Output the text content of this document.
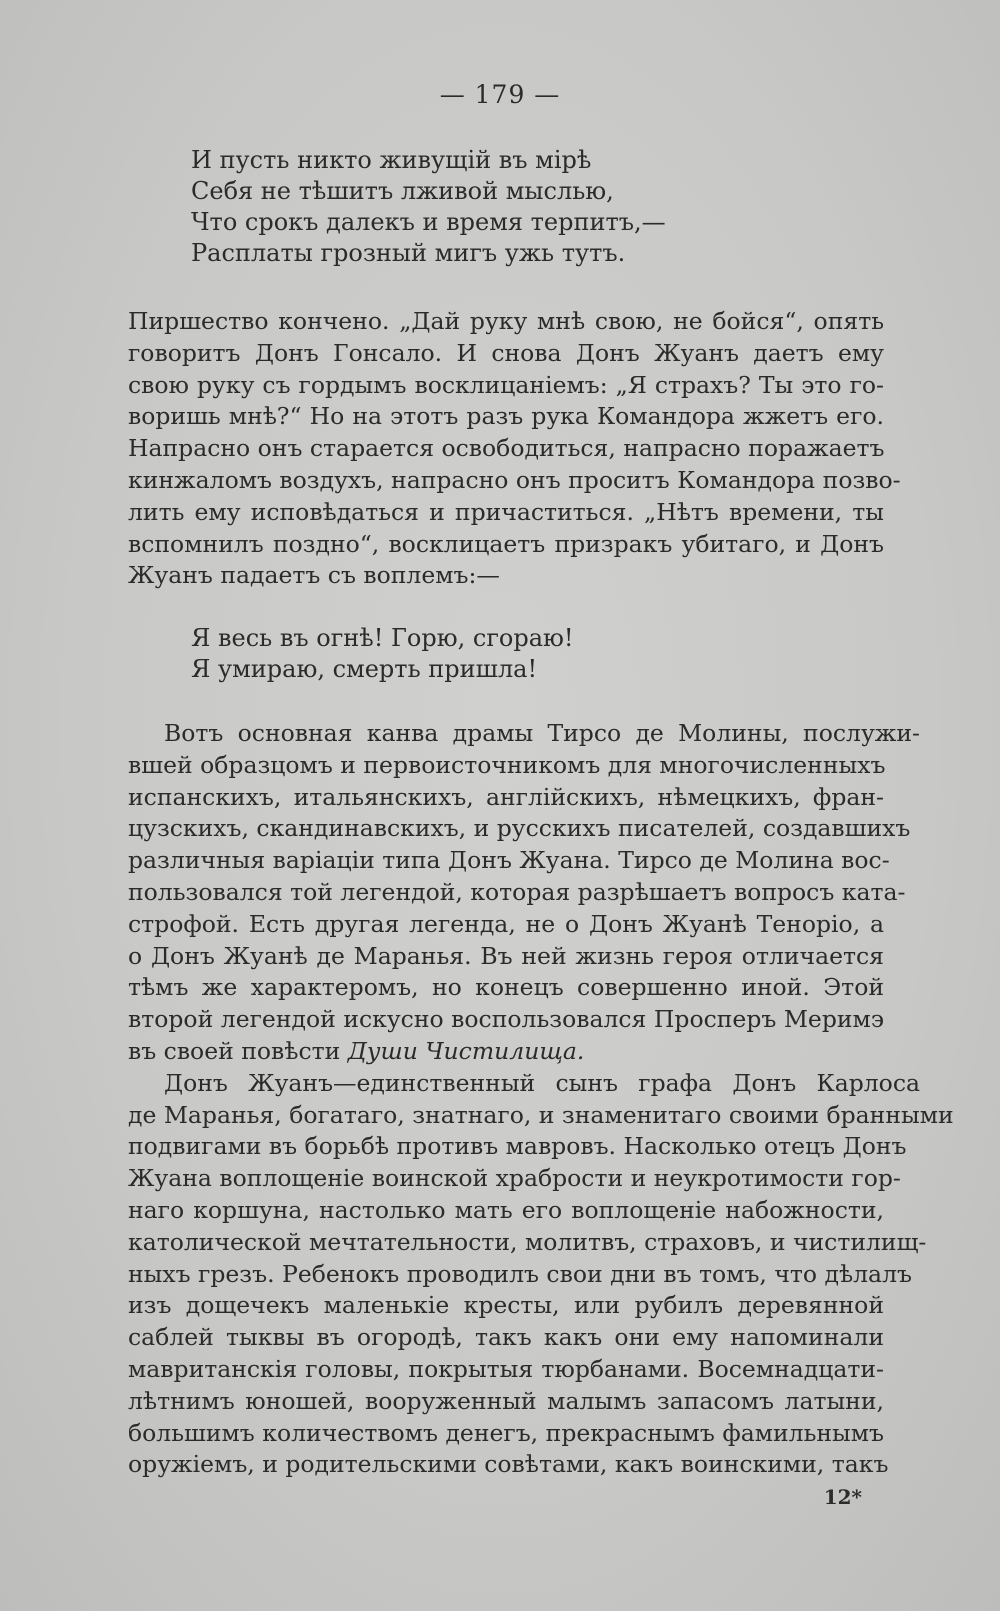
— 179 —
И пусть никто живущій въ мірѣ
Себя не тѣшитъ лживой мыслью,
Что срокъ далекъ и время терпитъ,—
Расплаты грозный мигъ ужь тутъ.
Пиршество кончено. „Дай руку мнѣ свою, не бойся“, опять
говоритъ Донъ Гонсало. И снова Донъ Жуанъ даетъ ему
свою руку съ гордымъ восклицаніемъ: „Я страхъ? Ты это го-
воришь мнѣ?“ Но на этотъ разъ рука Командора жжетъ его.
Напрасно онъ старается освободиться, напрасно поражаетъ
кинжаломъ воздухъ, напрасно онъ проситъ Командора позво-
лить ему исповѣдаться и причаститься. „Нѣтъ времени, ты
вспомнилъ поздно“, восклицаетъ призракъ убитаго, и Донъ
Жуанъ падаетъ съ воплемъ:—
Я весь въ огнѣ! Горю, сгораю!
Я умираю, смерть пришла!
Вотъ основная канва драмы Тирсо де Молины, послужи-
вшей образцомъ и первоисточникомъ для многочисленныхъ
испанскихъ, итальянскихъ, англійскихъ, нѣмецкихъ, фран-
цузскихъ, скандинавскихъ, и русскихъ писателей, создавшихъ
различныя варіаціи типа Донъ Жуана. Тирсо де Молина вос-
пользовался той легендой, которая разрѣшаетъ вопросъ ката-
строфой. Есть другая легенда, не о Донъ Жуанѣ Тенорiо, а
о Донъ Жуанѣ де Маранья. Въ ней жизнь героя отличается
тѣмъ же характеромъ, но конецъ совершенно иной. Этой
второй легендой искусно воспользовался Просперъ Меримэ
въ своей повѣсти Души Чистилища.
Донъ Жуанъ—единственный сынъ графа Донъ Карлоса
де Маранья, богатаго, знатнаго, и знаменитаго своими бранными
подвигами въ борьбѣ противъ мавровъ. Насколько отецъ Донъ
Жуана воплощеніе воинской храбрости и неукротимости гор-
наго коршуна, настолько мать его воплощеніе набожности,
католической мечтательности, молитвъ, страховъ, и чистилищ-
ныхъ грезъ. Ребенокъ проводилъ свои дни въ томъ, что дѣлалъ
изъ дощечекъ маленькіе кресты, или рубилъ деревянной
саблей тыквы въ огородѣ, такъ какъ они ему напоминали
мавританскія головы, покрытыя тюрбанами. Восемнадцати-
лѣтнимъ юношей, вооруженный малымъ запасомъ латыни,
большимъ количествомъ денегъ, прекраснымъ фамильнымъ
оружіемъ, и родительскими совѣтами, какъ воинскими, такъ
12*
